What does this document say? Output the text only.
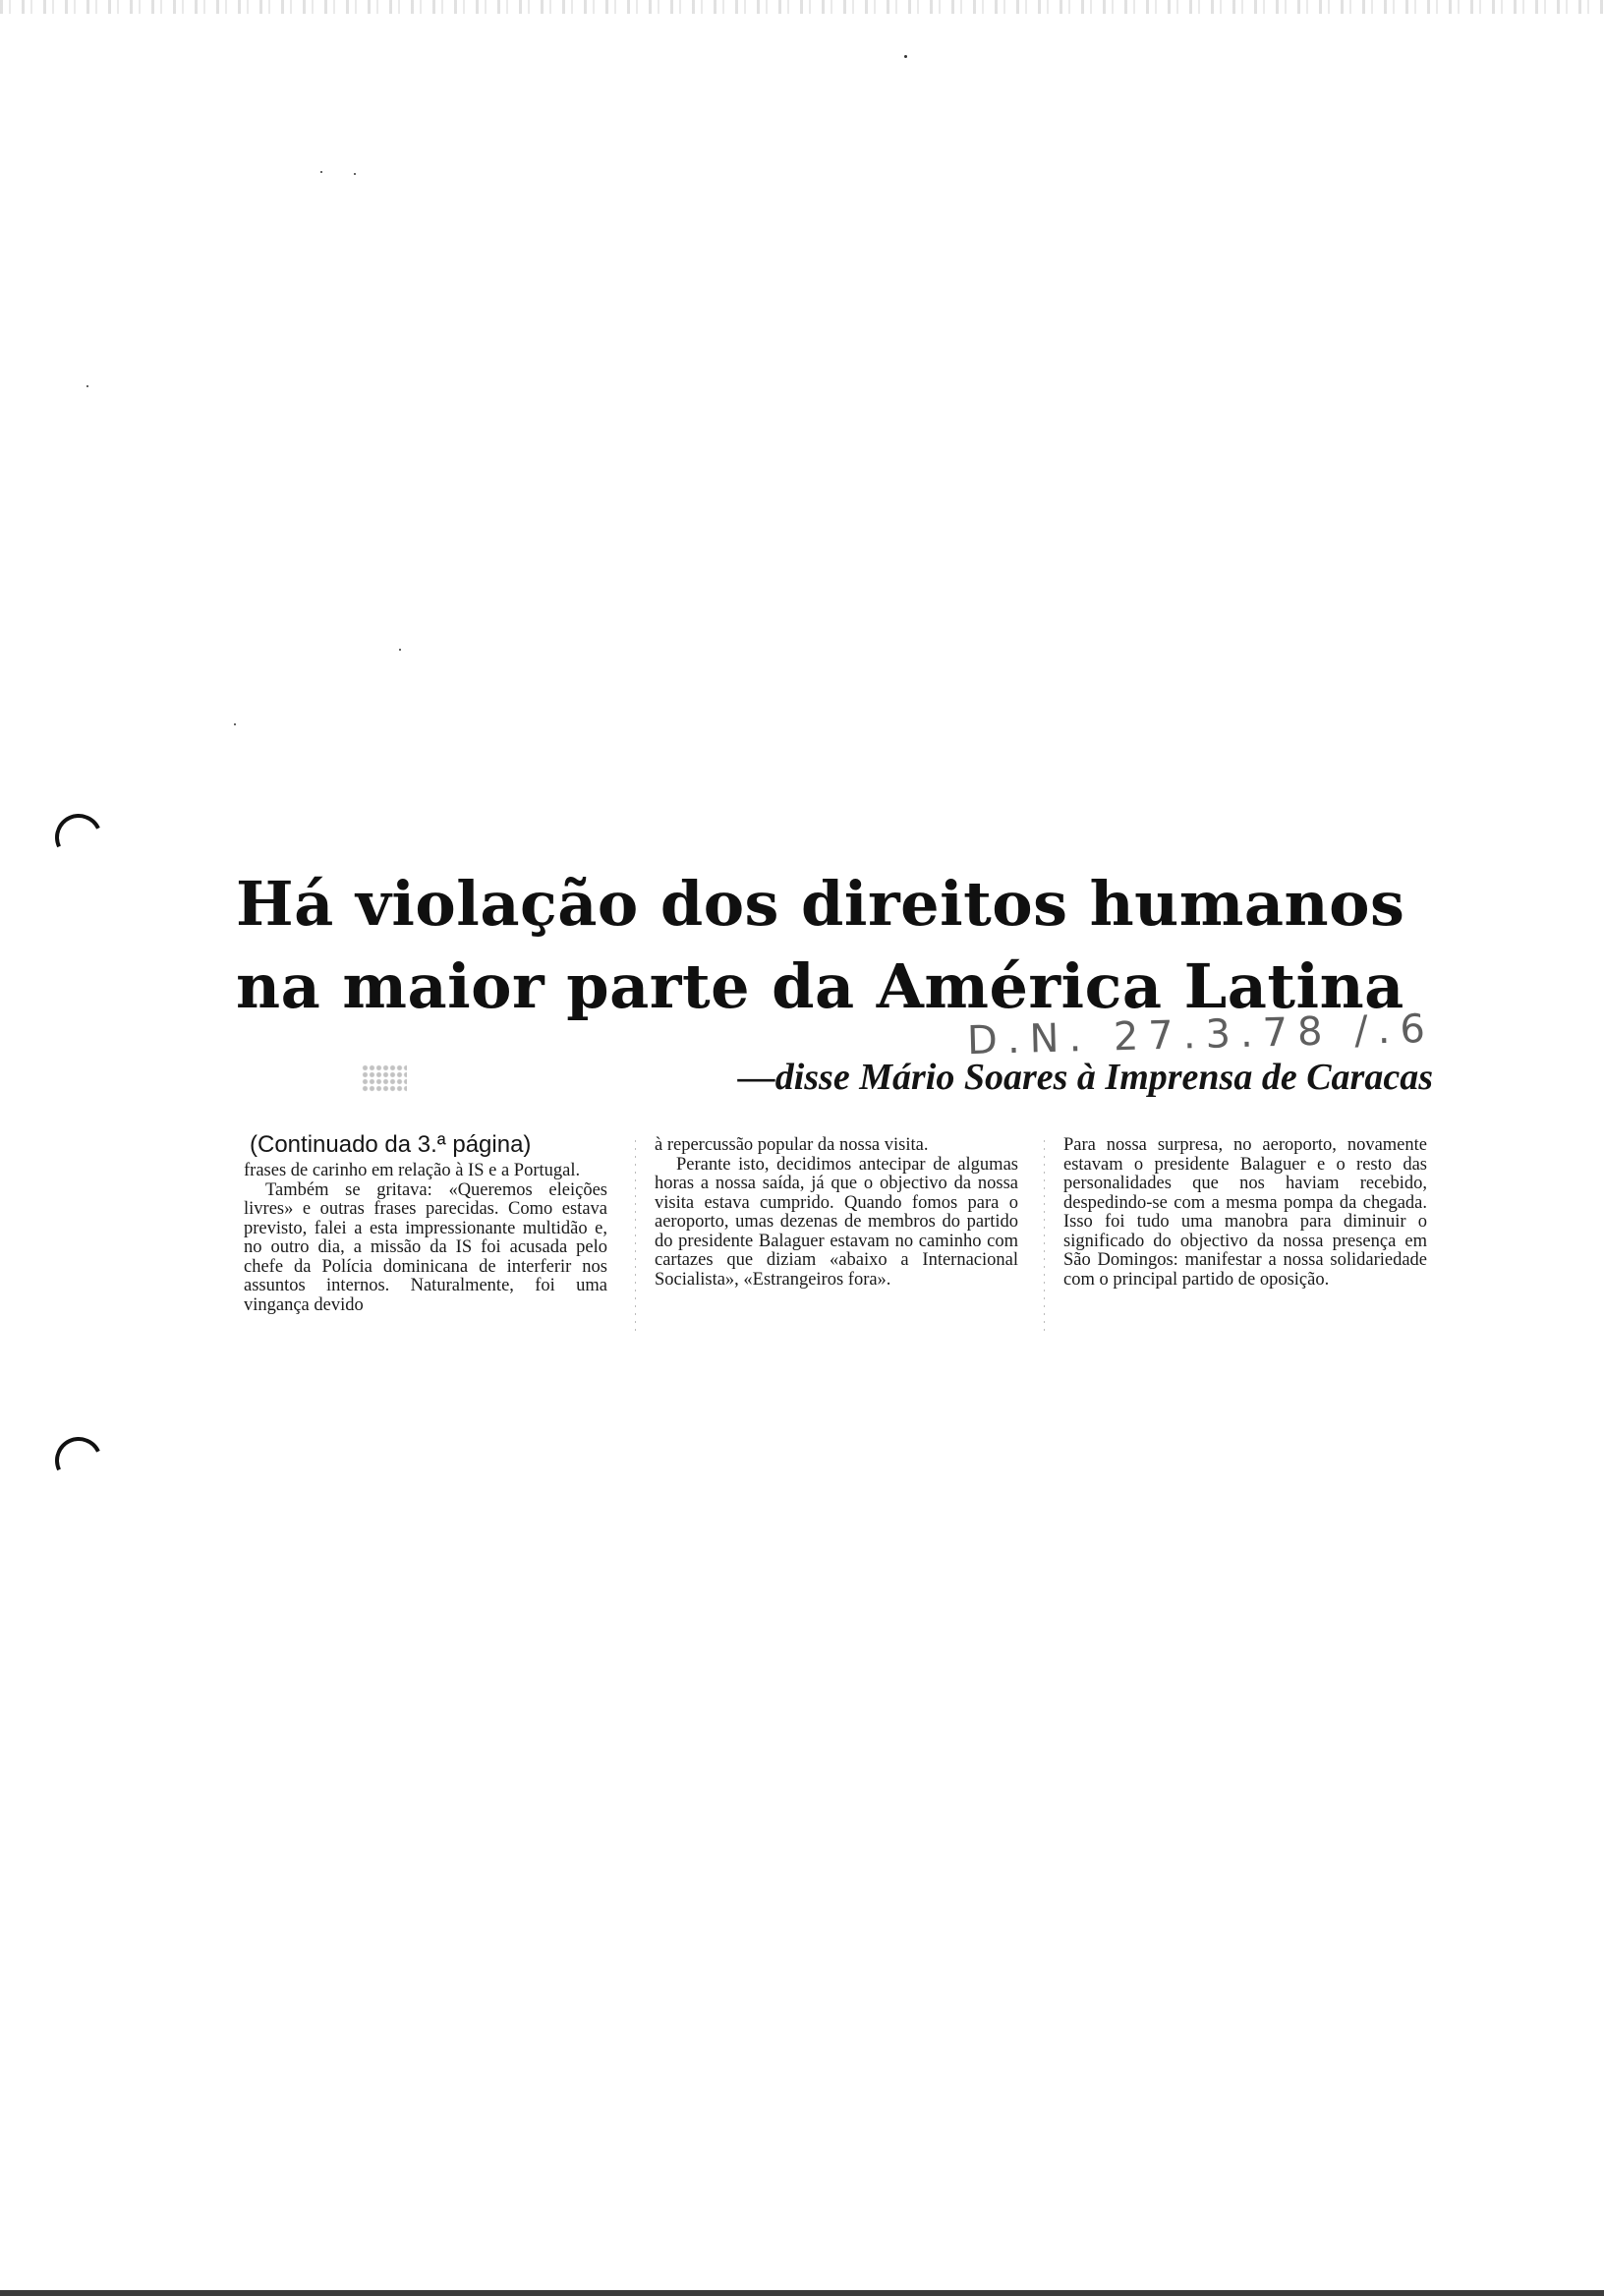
Há violação dos direitos humanos
na maior parte da América Latina
D.N. 27.3.78 /.6
—disse Mário Soares à Imprensa de Caracas
(Continuado da 3.ª página)

frases de carinho em relação à IS e a Portugal.

Também se gritava: «Queremos eleições livres» e outras frases parecidas. Como estava previsto, falei a esta impressionante multidão e, no outro dia, a missão da IS foi acusada pelo chefe da Polícia dominicana de interferir nos assuntos internos. Naturalmente, foi uma vingança devido

à repercussão popular da nossa visita.

Perante isto, decidimos antecipar de algumas horas a nossa saída, já que o objectivo da nossa visita estava cumprido. Quando fomos para o aeroporto, umas dezenas de membros do partido do presidente Balaguer estavam no caminho com cartazes que diziam «abaixo a Internacional Socialista», «Estrangeiros fora».

Para nossa surpresa, no aeroporto, novamente estavam o presidente Balaguer e o resto das personalidades que nos haviam recebido, despedindo-se com a mesma pompa da chegada. Isso foi tudo uma manobra para diminuir o significado do objectivo da nossa presença em São Domingos: manifestar a nossa solidariedade com o principal partido de oposição.
